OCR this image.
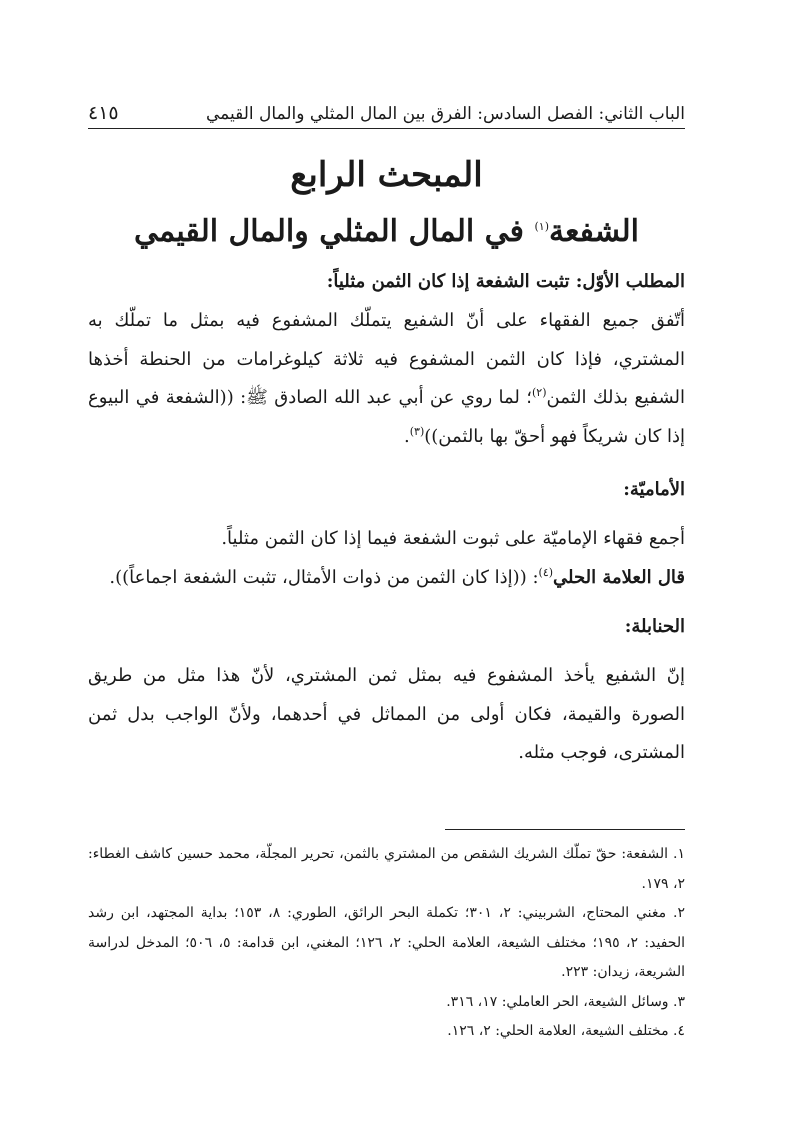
الباب الثاني: الفصل السادس: الفرق بين المال المثلي والمال القيمي
٤١٥
المبحث الرابع
الشفعة$^{(١)}$ في المال المثلي والمال القيمي

المطلب الأوّل: تثبت الشفعة إذا كان الثمن مثلياً:

أتّفق جميع الفقهاء على أنّ الشفيع يتملّك المشفوع فيه بمثل ما تملّك به المشتري، فإذا كان الثمن المشفوع فيه ثلاثة كيلوغرامات من الحنطة أخذها الشفيع بذلك الثمن$^{(٢)}$؛ لما روي عن أبي عبد الله الصادق ﷺ: ((الشفعة في البيوع إذا كان شريكاً فهو أحقّ بها بالثمن))$^{(٣)}$.

الأماميّة:

أجمع فقهاء الإماميّة على ثبوت الشفعة فيما إذا كان الثمن مثلياً.

قال العلامة الحلي$^{(٤)}$: ((إذا كان الثمن من ذوات الأمثال، تثبت الشفعة اجماعاً)).

الحنابلة:

إنّ الشفيع يأخذ المشفوع فيه بمثل ثمن المشتري، لأنّ هذا مثل من طريق الصورة والقيمة، فكان أولى من المماثل في أحدهما، ولأنّ الواجب بدل ثمن المشترى، فوجب مثله.

١. الشفعة: حقّ تملّك الشريك الشقص من المشتري بالثمن، تحرير المجلّة، محمد حسين كاشف الغطاء: ٢، ١٧٩.

٢. مغني المحتاج، الشربيني: ٢، ٣٠١؛ تكملة البحر الرائق، الطوري: ٨، ١٥٣؛ بداية المجتهد، ابن رشد الحفيد: ٢، ١٩٥؛ مختلف الشيعة، العلامة الحلي: ٢، ١٢٦؛ المغني، ابن قدامة: ٥، ٥٠٦؛ المدخل لدراسة الشريعة، زيدان: ٢٢٣.

٣. وسائل الشيعة، الحر العاملي: ١٧، ٣١٦.

٤. مختلف الشيعة، العلامة الحلي: ٢، ١٢٦.
